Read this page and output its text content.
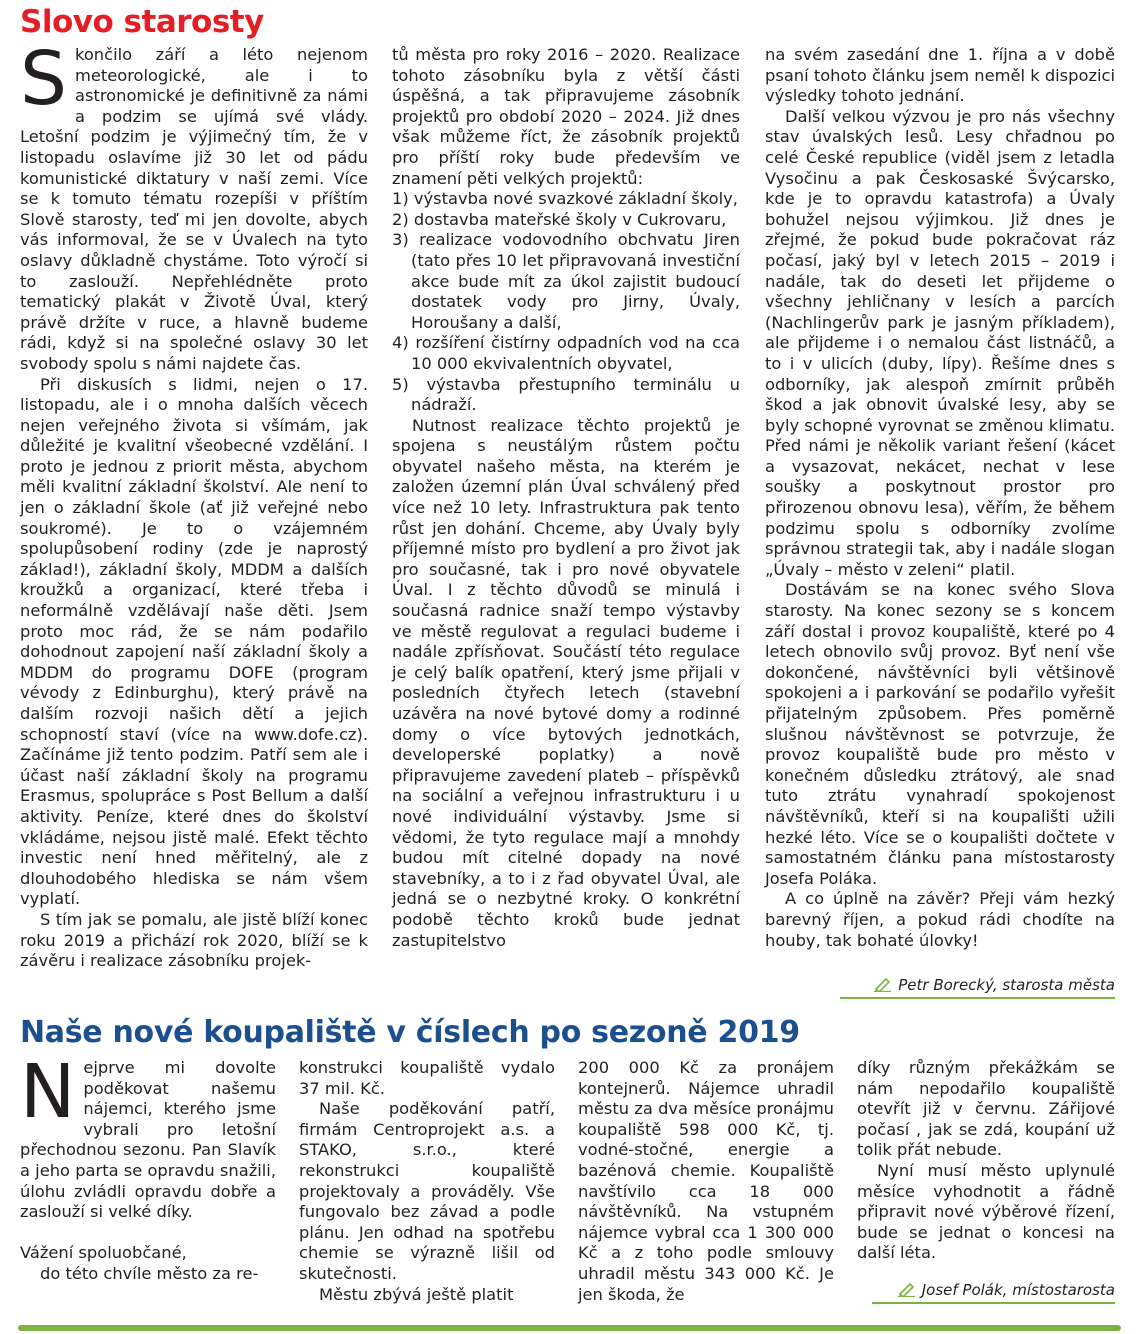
Slovo starosty
S končilo září a léto nejenom meteorologické, ale i to astronomické je definitivně za námi a podzim se ujímá své vlády. Letošní podzim je výjimečný tím, že v listopadu oslavíme již 30 let od pádu komunistické diktatury v naší zemi. Více se k tomuto tématu rozepíši v příštím Slově starosty, teď mi jen dovolte, abych vás informoval, že se v Úvalech na tyto oslavy důkladně chystáme. Toto výročí si to zaslouží. Nepřehlédněte proto tematický plakát v Životě Úval, který právě držíte v ruce, a hlavně budeme rádi, když si na společné oslavy 30 let svobody spolu s námi najdete čas.

Při diskusích s lidmi, nejen o 17. listopadu, ale i o mnoha dalších věcech nejen veřejného života si všímám, jak důležité je kvalitní všeobecné vzdělání. I proto je jednou z priorit města, abychom měli kvalitní základní školství. Ale není to jen o základní škole (ať již veřejné nebo soukromé). Je to o vzájemném spolupůsobení rodiny (zde je naprostý základ!), základní školy, MDDM a dalších kroužků a organizací, které třeba i neformálně vzdělávají naše děti. Jsem proto moc rád, že se nám podařilo dohodnout zapojení naší základní školy a MDDM do programu DOFE (program vévody z Edinburghu), který právě na dalším rozvoji našich dětí a jejich schopností staví (více na www.dofe.cz). Začínáme již tento podzim. Patří sem ale i účast naší základní školy na programu Erasmus, spolupráce s Post Bellum a další aktivity. Peníze, které dnes do školství vkládáme, nejsou jistě malé. Efekt těchto investic není hned měřitelný, ale z dlouhodobého hlediska se nám všem vyplatí.

S tím jak se pomalu, ale jistě blíží konec roku 2019 a přichází rok 2020, blíží se k závěru i realizace zásobníku projek-

tů města pro roky 2016 – 2020. Realizace tohoto zásobníku byla z větší části úspěšná, a tak připravujeme zásobník projektů pro období 2020 – 2024. Již dnes však můžeme říct, že zásobník projektů pro příští roky bude především ve znamení pěti velkých projektů:

1) výstavba nové svazkové základní školy,
2) dostavba mateřské školy v Cukrovaru,
3) realizace vodovodního obchvatu Jiren (tato přes 10 let připravovaná investiční akce bude mít za úkol zajistit budoucí dostatek vody pro Jirny, Úvaly, Horoušany a další,
4) rozšíření čistírny odpadních vod na cca 10 000 ekvivalentních obyvatel,
5) výstavba přestupního terminálu u nádraží.

Nutnost realizace těchto projektů je spojena s neustálým růstem počtu obyvatel našeho města, na kterém je založen územní plán Úval schválený před více než 10 lety. Infrastruktura pak tento růst jen dohání. Chceme, aby Úvaly byly příjemné místo pro bydlení a pro život jak pro současné, tak i pro nové obyvatele Úval. I z těchto důvodů se minulá i současná radnice snaží tempo výstavby ve městě regulovat a regulaci budeme i nadále zpřísňovat. Součástí této regulace je celý balík opatření, který jsme přijali v posledních čtyřech letech (stavební uzávěra na nové bytové domy a rodinné domy o více bytových jednotkách, developerské poplatky) a nově připravujeme zavedení plateb – příspěvků na sociální a veřejnou infrastrukturu i u nové individuální výstavby. Jsme si vědomi, že tyto regulace mají a mnohdy budou mít citelné dopady na nové stavebníky, a to i z řad obyvatel Úval, ale jedná se o nezbytné kroky. O konkrétní podobě těchto kroků bude jednat zastupitelstvo

na svém zasedání dne 1. října a v době psaní tohoto článku jsem neměl k dispozici výsledky tohoto jednání.

Další velkou výzvou je pro nás všechny stav úvalských lesů. Lesy chřadnou po celé České republice (viděl jsem z letadla Vysočinu a pak Českosaské Švýcarsko, kde je to opravdu katastrofa) a Úvaly bohužel nejsou výjimkou. Již dnes je zřejmé, že pokud bude pokračovat ráz počasí, jaký byl v letech 2015 – 2019 i nadále, tak do deseti let přijdeme o všechny jehličnany v lesích a parcích (Nachlingerův park je jasným příkladem), ale přijdeme i o nemalou část listnáčů, a to i v ulicích (duby, lípy). Řešíme dnes s odborníky, jak alespoň zmírnit průběh škod a jak obnovit úvalské lesy, aby se byly schopné vyrovnat se změnou klimatu. Před námi je několik variant řešení (kácet a vysazovat, nekácet, nechat v lese soušky a poskytnout prostor pro přirozenou obnovu lesa), věřím, že během podzimu spolu s odborníky zvolíme správnou strategii tak, aby i nadále slogan „Úvaly – město v zeleni“ platil.

Dostávám se na konec svého Slova starosty. Na konec sezony se s koncem září dostal i provoz koupaliště, které po 4 letech obnovilo svůj provoz. Byť není vše dokončené, návštěvníci byli většinově spokojeni a i parkování se podařilo vyřešit přijatelným způsobem. Přes poměrně slušnou návštěvnost se potvrzuje, že provoz koupaliště bude pro město v konečném důsledku ztrátový, ale snad tuto ztrátu vynahradí spokojenost návštěvníků, kteří si na koupališti užili hezké léto. Více se o koupališti dočtete v samostatném článku pana místostarosty Josefa Poláka.

A co úplně na závěr? Přeji vám hezký barevný říjen, a pokud rádi chodíte na houby, tak bohaté úlovky!

Petr Borecký, starosta města
Naše nové koupaliště v číslech po sezoně 2019
N ejprve mi dovolte poděkovat našemu nájemci, kterého jsme vybrali pro letošní přechodnou sezonu. Pan Slavík a jeho parta se opravdu snažili, úlohu zvládli opravdu dobře a zaslouží si velké díky.

Vážení spoluobčané,

do této chvíle město za re-

konstrukci koupaliště vydalo 37 mil. Kč.

Naše poděkování patří, firmám Centroprojekt a.s. a STAKO, s.r.o., které rekonstrukci koupaliště projektovaly a prováděly. Vše fungovalo bez závad a podle plánu. Jen odhad na spotřebu chemie se výrazně lišil od skutečnosti.

Městu zbývá ještě platit

200 000 Kč za pronájem kontejnerů. Nájemce uhradil městu za dva měsíce pronájmu koupaliště 598 000 Kč, tj. vodné-stočné, energie a bazénová chemie. Koupaliště navštívilo cca 18 000 návštěvníků. Na vstupném nájemce vybral cca 1 300 000 Kč a z toho podle smlouvy uhradil městu 343 000 Kč. Je jen škoda, že

díky různým překážkám se nám nepodařilo koupaliště otevřít již v červnu. Zářijové počasí , jak se zdá, koupání už tolik přát nebude.

Nyní musí město uplynulé měsíce vyhodnotit a řádně připravit nové výběrové řízení, bude se jednat o koncesi na další léta.

Josef Polák, místostarosta
